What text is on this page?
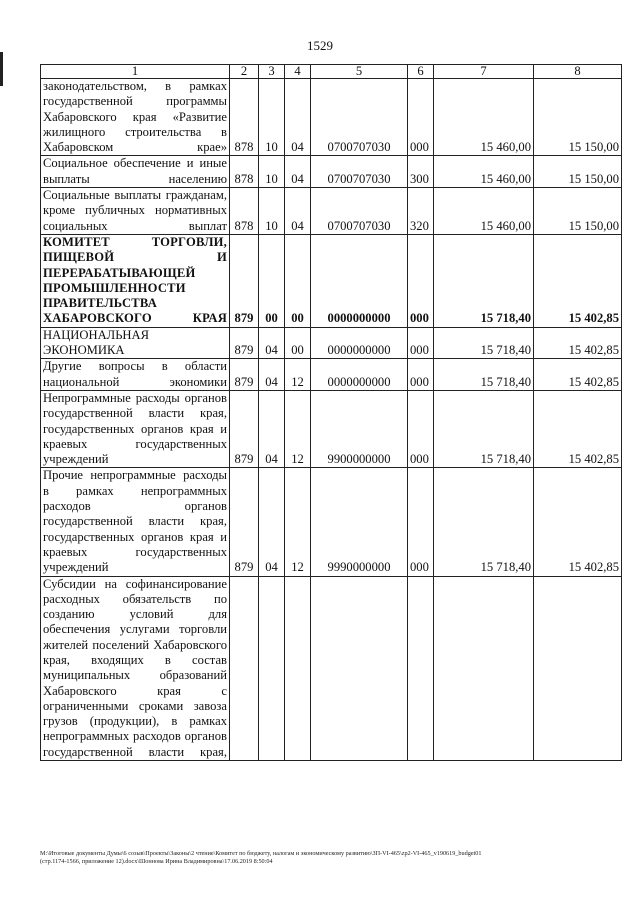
1529
1	2	3	4	5	6	7	8
законодательством, в рамках государственной программы Хабаровского края «Развитие жилищного строительства в Хабаровском крае»	878	10	04	0700707030	000	15 460,00	15 150,00
Социальное обеспечение и иные выплаты населению	878	10	04	0700707030	300	15 460,00	15 150,00
Социальные выплаты гражданам, кроме публичных нормативных социальных выплат	878	10	04	0700707030	320	15 460,00	15 150,00
КОМИТЕТ ТОРГОВЛИ, ПИЩЕВОЙ И ПЕРЕРАБАТЫВАЮЩЕЙ ПРОМЫШЛЕННОСТИ ПРАВИТЕЛЬСТВА ХАБАРОВСКОГО КРАЯ	879	00	00	0000000000	000	15 718,40	15 402,85
НАЦИОНАЛЬНАЯ ЭКОНОМИКА	879	04	00	0000000000	000	15 718,40	15 402,85
Другие вопросы в области национальной экономики	879	04	12	0000000000	000	15 718,40	15 402,85
Непрограммные расходы органов государственной власти края, государственных органов края и краевых государственных учреждений	879	04	12	9900000000	000	15 718,40	15 402,85
Прочие непрограммные расходы в рамках непрограммных расходов органов государственной власти края, государственных органов края и краевых государственных учреждений	879	04	12	9990000000	000	15 718,40	15 402,85
Субсидии на софинансирование расходных обязательств по созданию условий для обеспечения услугами торговли жителей поселений Хабаровского края, входящих в состав муниципальных образований Хабаровского края с ограниченными сроками завоза грузов (продукции), в рамках непрограммных расходов органов государственной власти края,							
M:\Итоговые документы Думы\6 созыв\Проекты\Законы\2 чтение\Комитет по бюджету, налогам и экономическому развитию\ЗП-VI-465\zp2-VI-465_v190619_budget01
(стр.1174-1566, приложение 12).docx\Шоннова Ирина Владимировна\17.06.2019 8:50:04
